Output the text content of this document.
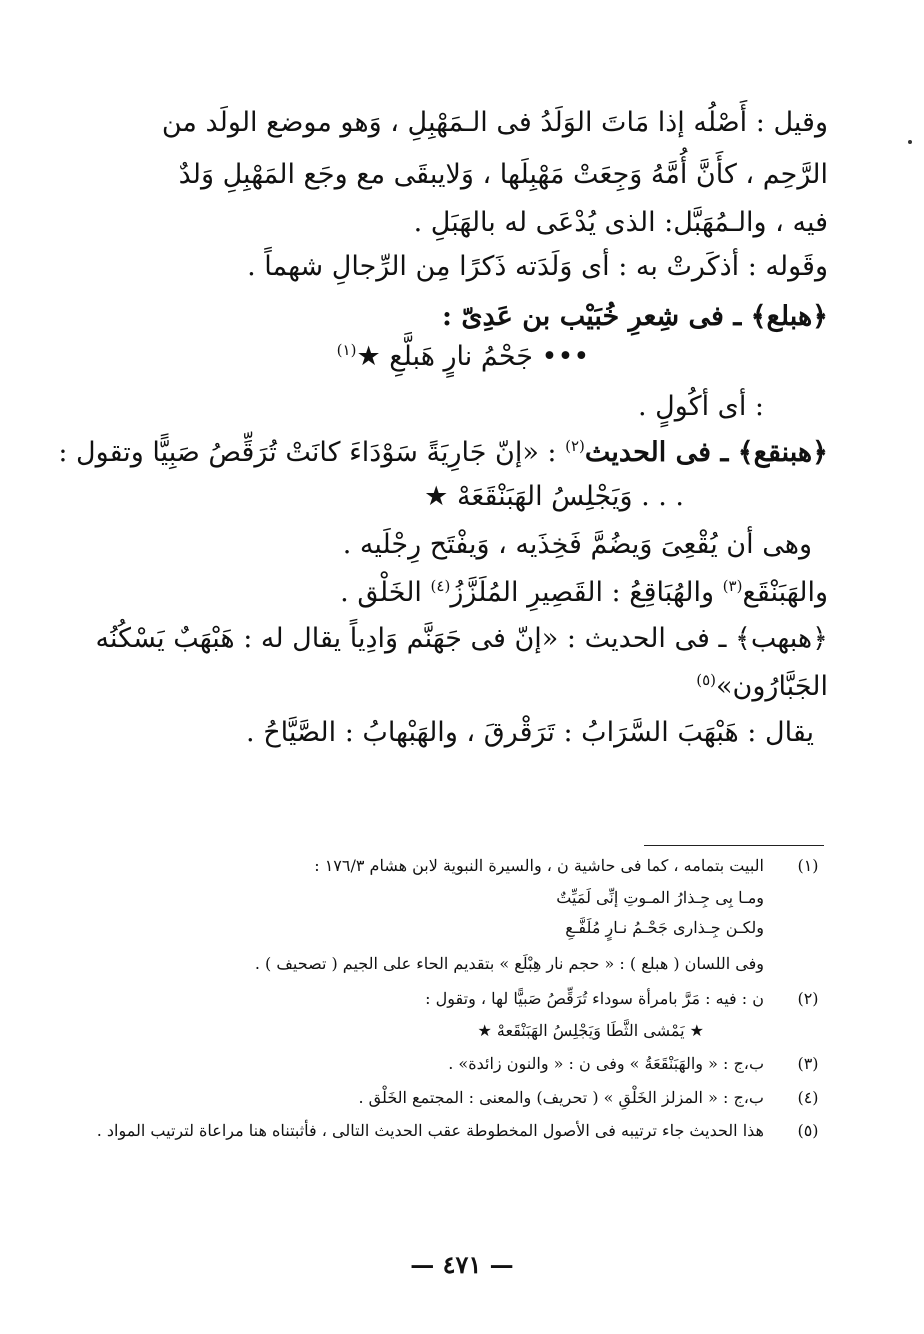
وقيل : أَصْلُه إذا مَاتَ الوَلَدُ فى الـمَهْبِلِ ، وَهو موضع الولَد من
الرَّحِم ، كأَنَّ أُمَّهُ وَجِعَتْ مَهْبِلَها ، وَلايبقَى مع وجَع المَهْبِلِ وَلدٌ
فيه ، والـمُهَبَّل: الذى يُدْعَى له بالهَبَلِ .
وقَوله : أذكَرتْ به : أى وَلَدَته ذَكرًا مِن الرِّجالِ شهماً .
﴿هبلع﴾ ـ فى شِعرِ خُبَيْب بن عَدِىّ :
••• جَحْمُ نارٍ هَبلَّعِ ★$^{(١)}$
: أى أكُولٍ .
﴿هبنقع﴾ ـ فى الحديث$^{(٢)}$ : «إنّ جَارِيَةً سَوْدَاءَ كانَتْ تُرَقِّصُ صَبِيًّا وتقول :
. . . وَيَجْلِسُ الهَبَنْقَعَهْ ★
وهى أن يُقْعِىَ وَيضُمَّ فَخِذَيه ، وَيفْتَح رِجْلَيه .
والهَبَنْقَع$^{(٣)}$ والهُبَاقِعُ : القَصِيرِ المُلَزَّزُ$^{(٤)}$ الخَلْق .
﴿هبهب﴾ ـ فى الحديث : «إنّ فى جَهَنَّم وَادِياً يقال له : هَبْهَبٌ يَسْكُنُه
الجَبَّارُون»$^{(٥)}$
يقال : هَبْهَبَ السَّرَابُ : تَرَقْرقَ ، والهَبْهابُ : الصَّيَّاحُ .
(١)
البيت بتمامه ، كما فى حاشية ن ، والسيرة النبوية لابن هشام ١٧٦/٣ :
ومـا بِى جِـذارُ المـوتِ إنِّى لَمَيِّتٌ
ولكـن جِـذارى جَحْـمُ نـارٍ مُلَفَّـعِ
وفى اللسان ( هبلع ) : « حجم نار هِبْلَع » بتقديم الحاء على الجيم ( تصحيف ) .
(٢)
ن : فيه : مَرَّ بامرأة سوداء تُرَقِّصُ صَبيًّا لها ، وتقول :
★ يَمْشى الثَّطَا وَيَجْلِسُ الهَبَنْقَعهْ ★
(٣)
ب،ج : « والهَبَنْقَعَةُ » وفى ن : « والنون زائدة» .
(٤)
ب،ج : « المزلز الخَلْقِ » ( تحريف) والمعنى : المجتمع الخَلْق .
(٥)
هذا الحديث جاء ترتيبه فى الأصول المخطوطة عقب الحديث التالى ، فأثبتناه هنا مراعاة لترتيب المواد .
— ٤٧١ —
